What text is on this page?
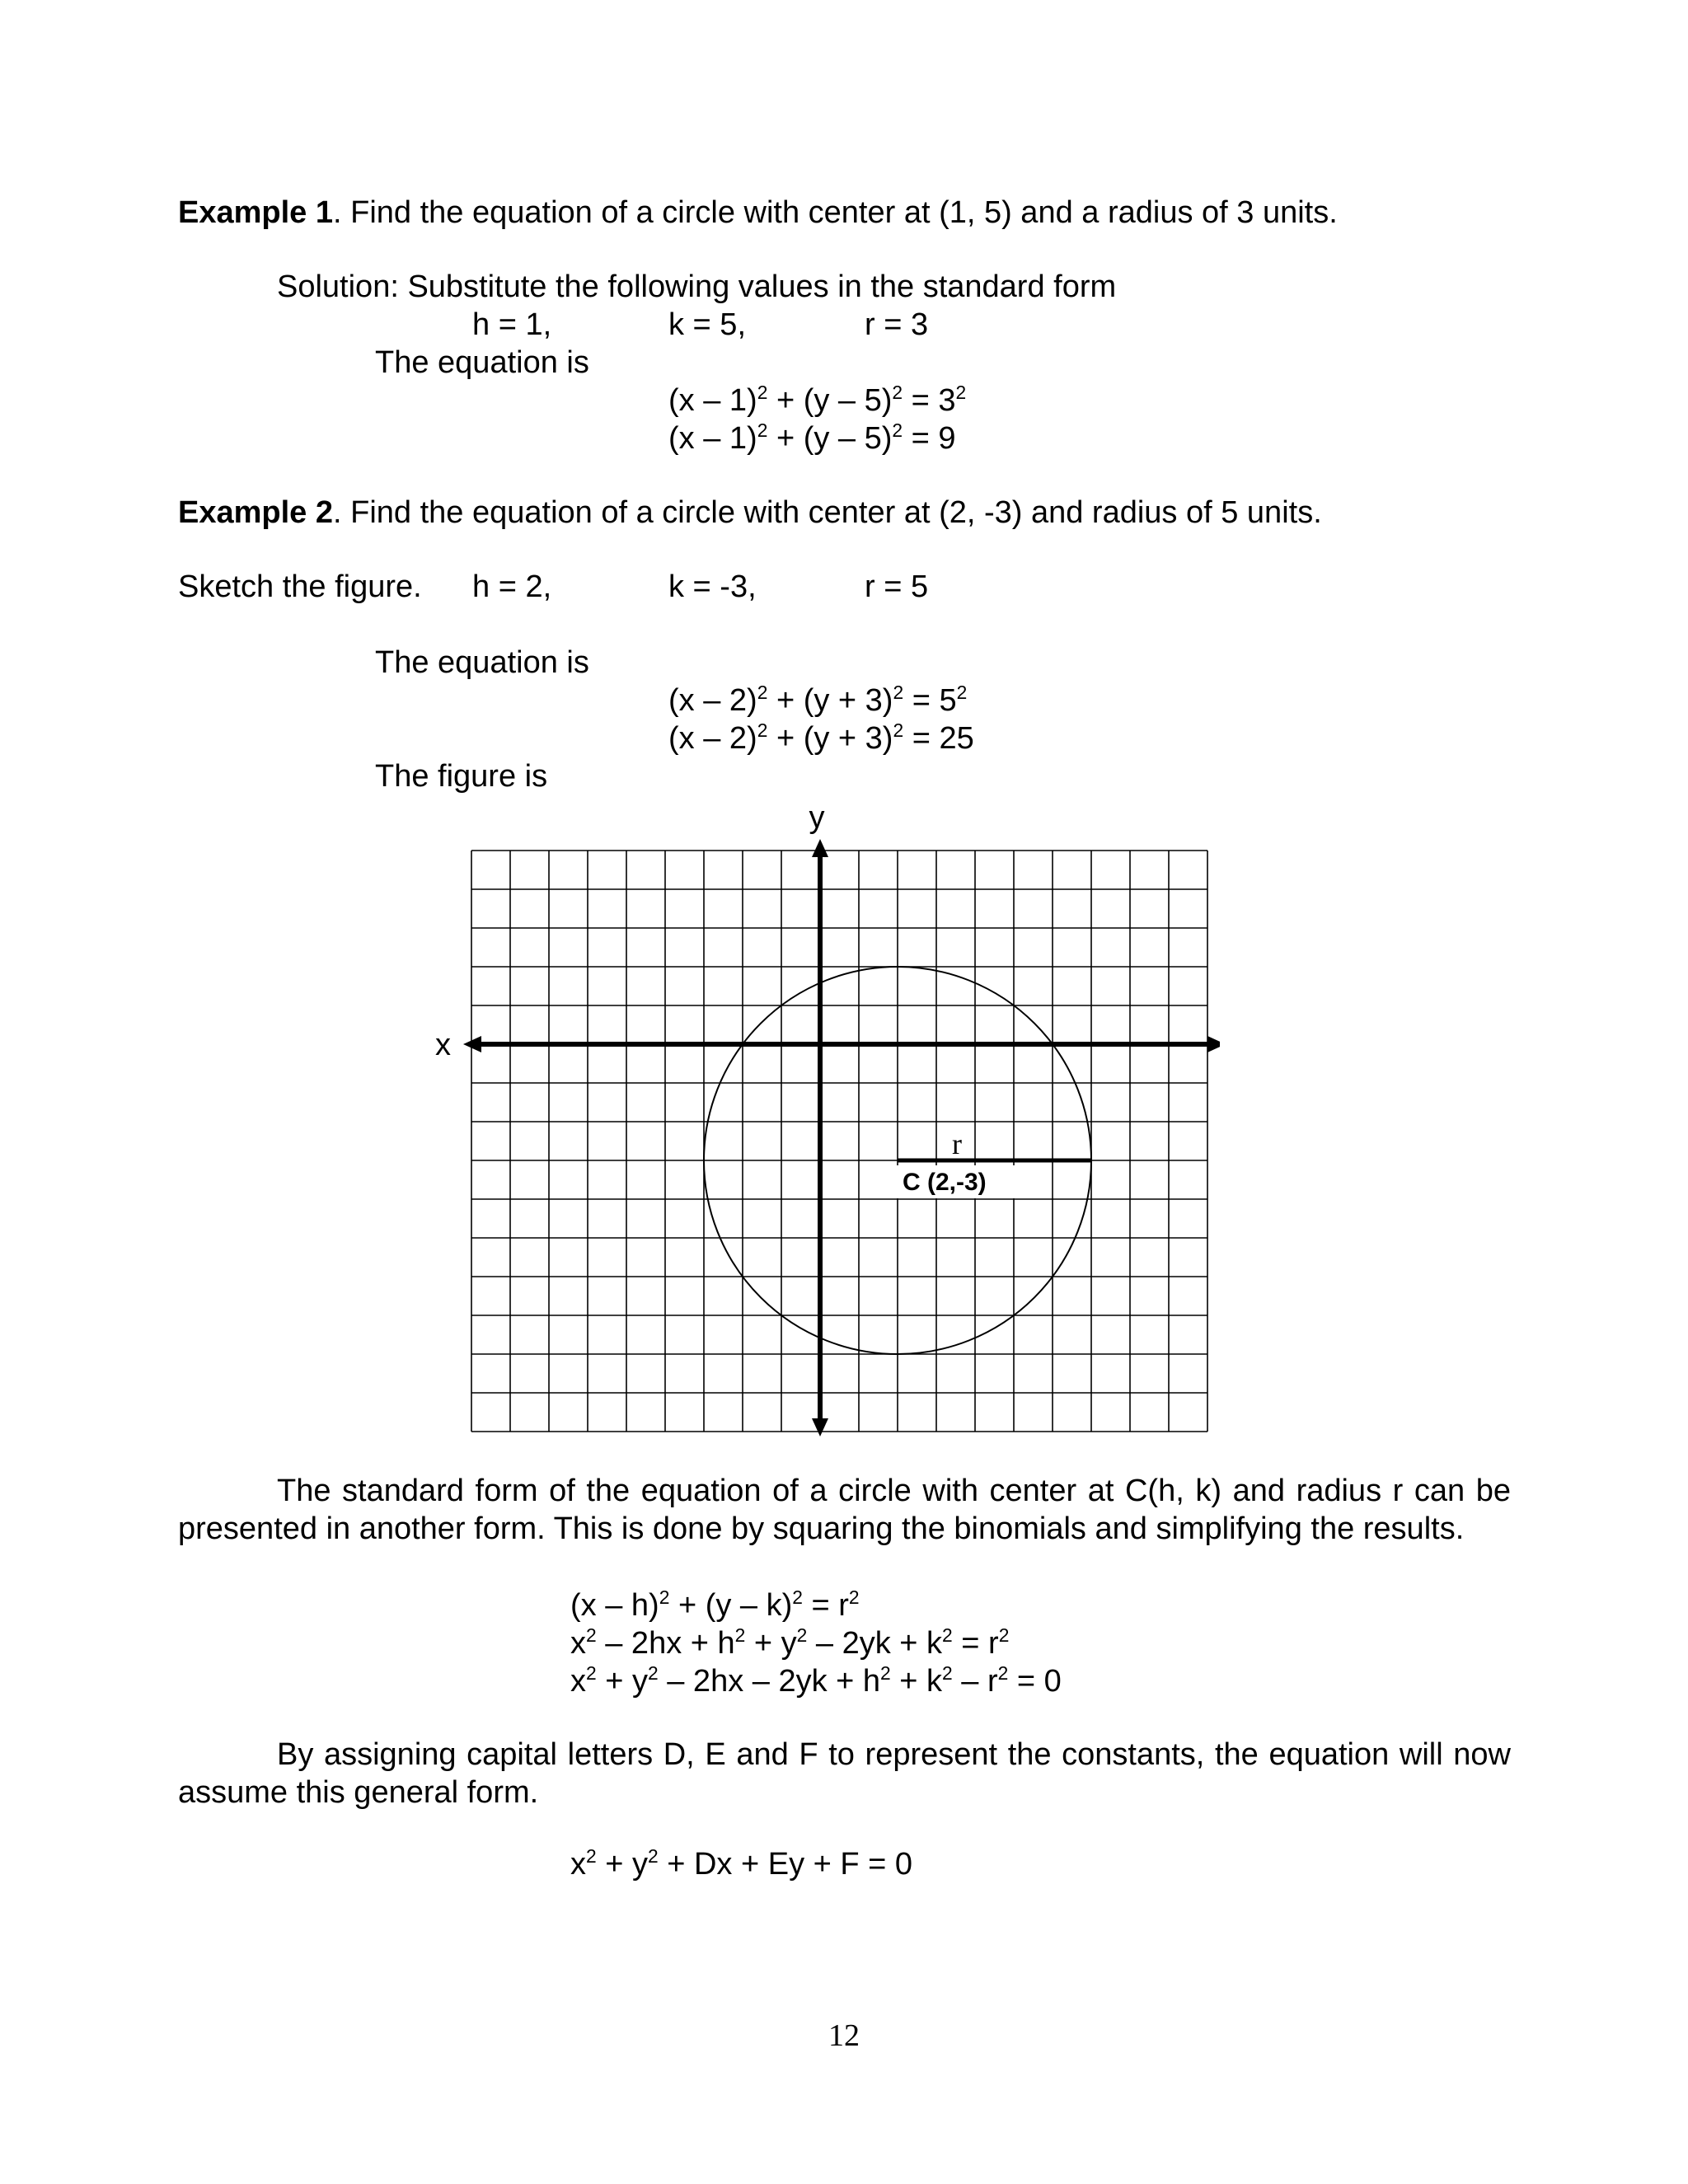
Example 1. Find the equation of a circle with center at (1, 5) and a radius of 3 units.
Solution: Substitute the following values in the standard form
h = 1,	k = 5,	r = 3
The equation is
$(x - 1)^2 + (y - 5)^2 = 3^2$
(x – 1)$^2$ + (y – 5)$^2$ = 9
Example 2. Find the equation of a circle with center at (2, -3) and radius of 5 units.
Sketch the figure. h = 2,	k = -3,	r = 5
The equation is
$(x - 2)^2 + (y + 3)^2 = 5^2$
$(x - 2)^2 + (y + 3)^2 = 25$
The figure is
x
y
r
C (2,-3)
The standard form of the equation of a circle with center at C(h, k) and radius r can be presented in another form. This is done by squaring the binomials and simplifying the results.
$(x - h)^2 + (y - k)^2 = r^2$
$x^2 - 2hx + h^2 + y^2 - 2yk + k^2 = r^2$
$x^2 + y^2 - 2hx - 2yk + h^2 + k^2 - r^2 = 0$
By assigning capital letters D, E and F to represent the constants, the equation will now assume this general form.
$x^2 + y^2 + Dx + Ey + F = 0$
12
